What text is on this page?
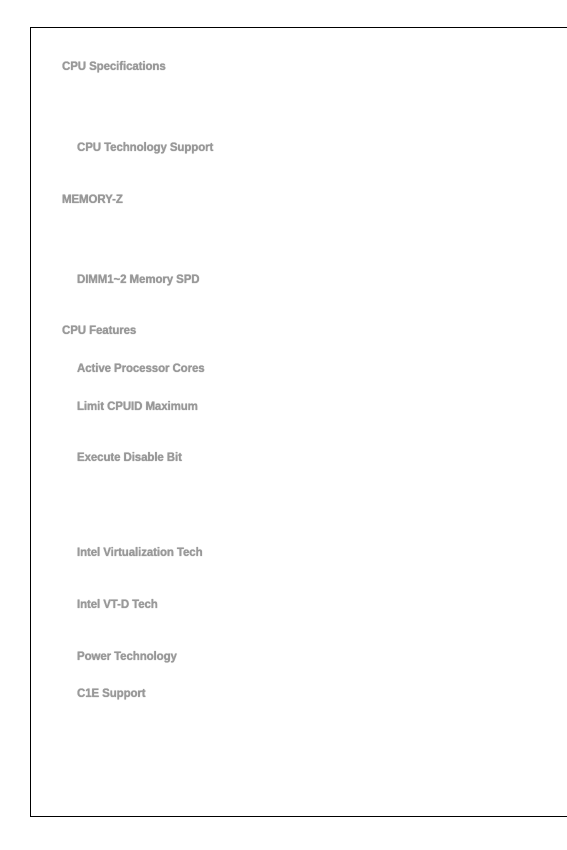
CPU Specifications
CPU Technology Support
MEMORY-Z
DIMM1~2 Memory SPD
CPU Features
Active Processor Cores
Limit CPUID Maximum
Execute Disable Bit
Intel Virtualization Tech
Intel VT-D Tech
Power Technology
C1E Support
